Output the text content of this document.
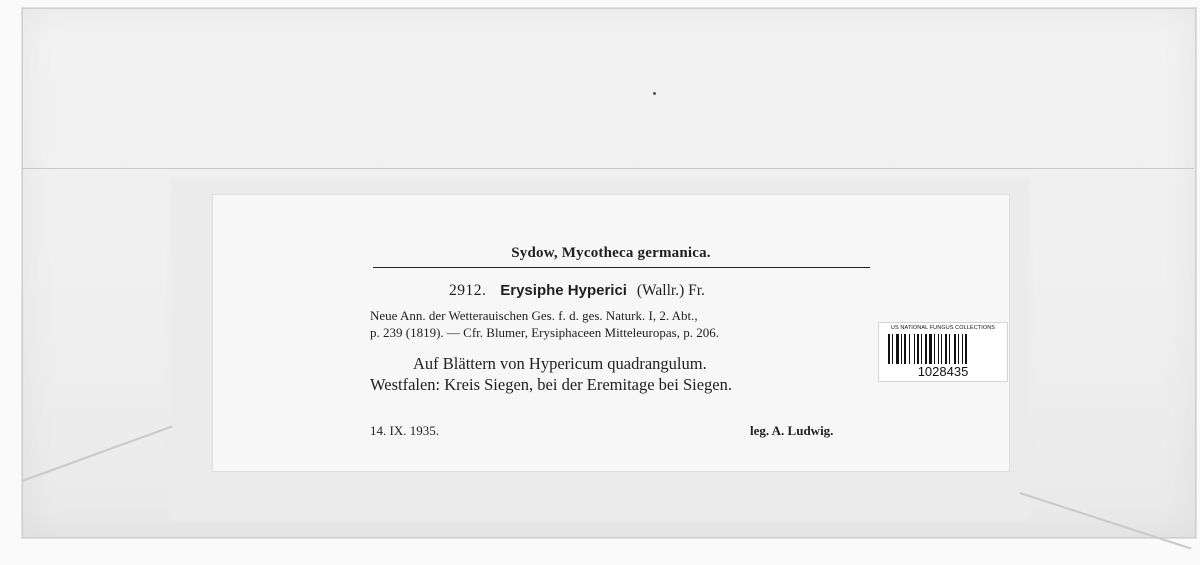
Sydow, Mycotheca germanica.
2912. Erysiphe Hyperici (Wallr.) Fr.
Neue Ann. der Wetterauischen Ges. f. d. ges. Naturk. I, 2. Abt.,
p. 239 (1819). — Cfr. Blumer, Erysiphaceen Mitteleuropas, p. 206.
Auf Blättern von Hypericum quadrangulum.
Westfalen: Kreis Siegen, bei der Eremitage bei Siegen.
14. IX. 1935.	leg. A. Ludwig.
US NATIONAL FUNGUS COLLECTIONS
1028435
